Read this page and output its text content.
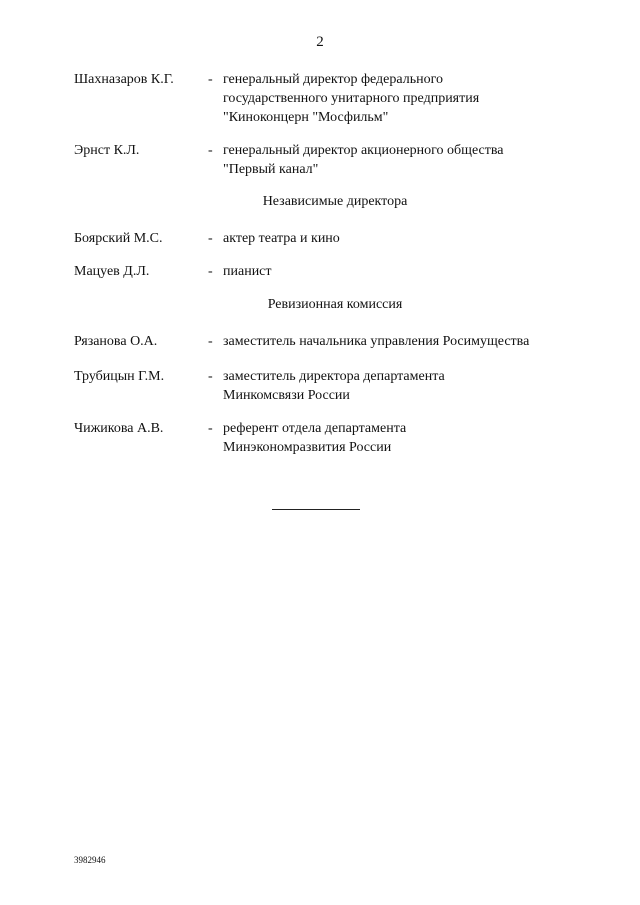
2
Шахназаров К.Г. - генеральный директор федерального
государственного унитарного предприятия
"Киноконцерн "Мосфильм"
Эрнст К.Л.	- генеральный директор акционерного общества
"Первый канал"
Независимые директора
Боярский М.С.	- актер театра и кино
Мацуев Д.Л.	- пианист
Ревизионная комиссия
Рязанова О.А.	- заместитель начальника управления Росимущества
Трубицын Г.М.	- заместитель директора департамента
Минкомсвязи России
Чижикова А.В.	- референт отдела департамента
Минэкономразвития России
3982946
